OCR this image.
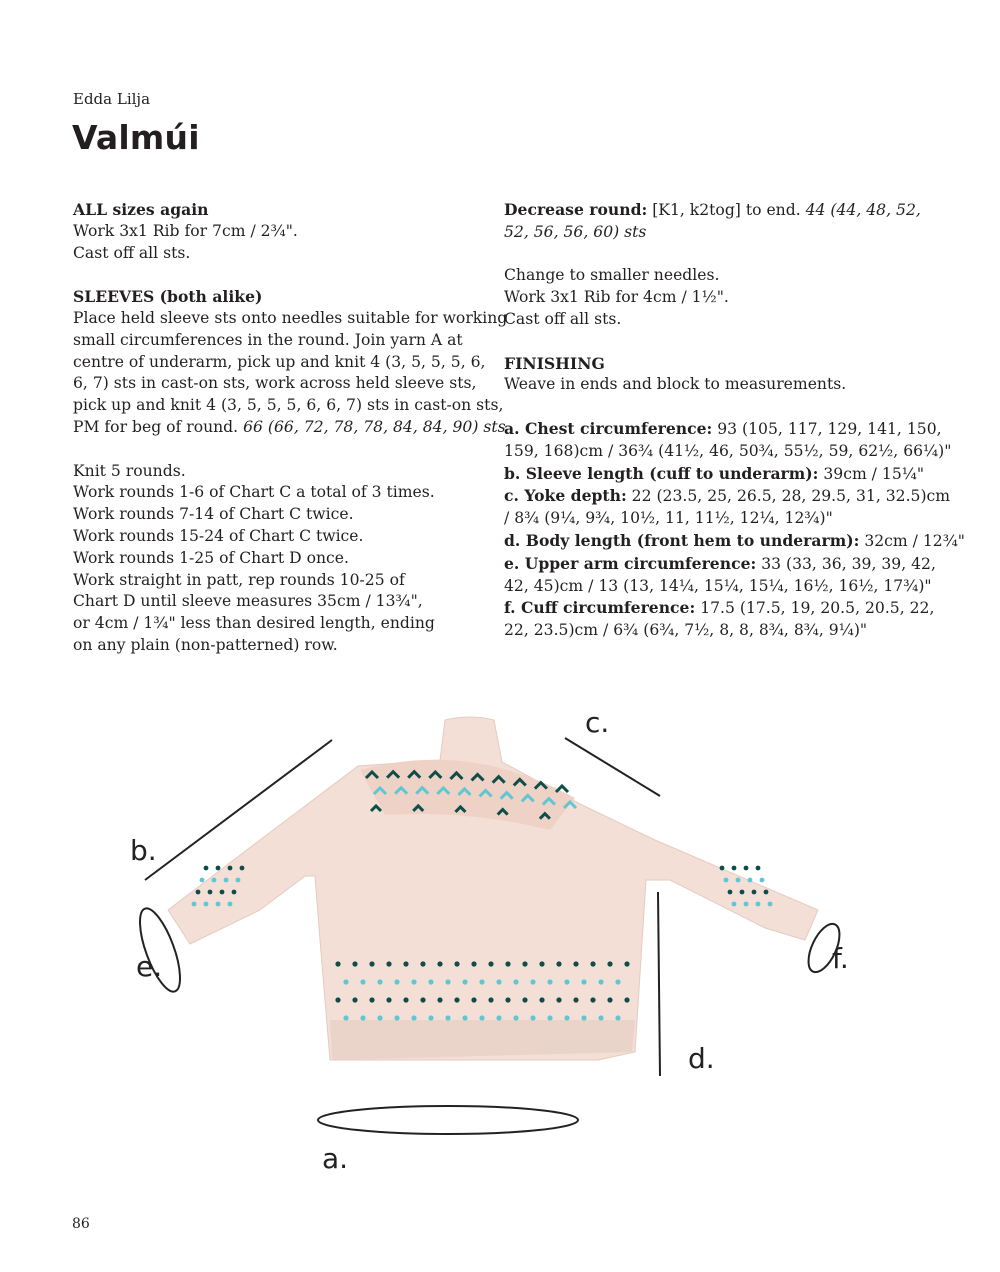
Edda Lilja
Valmúi

ALL sizes again
Work 3x1 Rib for 7cm / 2¾".
Cast off all sts.

SLEEVES (both alike)
Place held sleeve sts onto needles suitable for working
small circumferences in the round. Join yarn A at
centre of underarm, pick up and knit 4 (3, 5, 5, 5, 6,
6, 7) sts in cast-on sts, work across held sleeve sts,
pick up and knit 4 (3, 5, 5, 5, 6, 6, 7) sts in cast-on sts,
PM for beg of round. 66 (66, 72, 78, 78, 84, 84, 90) sts

Knit 5 rounds.
Work rounds 1-6 of Chart C a total of 3 times.
Work rounds 7-14 of Chart C twice.
Work rounds 15-24 of Chart C twice.
Work rounds 1-25 of Chart D once.
Work straight in patt, rep rounds 10-25 of
Chart D until sleeve measures 35cm / 13¾",
or 4cm / 1¾" less than desired length, ending
on any plain (non-patterned) row.

Decrease round: [K1, k2tog] to end. 44 (44, 48, 52,
52, 56, 56, 60) sts

Change to smaller needles.
Work 3x1 Rib for 4cm / 1½".
Cast off all sts.

FINISHING
Weave in ends and block to measurements.

a. Chest circumference: 93 (105, 117, 129, 141, 150,
159, 168)cm / 36¾ (41½, 46, 50¾, 55½, 59, 62½, 66¼)"
b. Sleeve length (cuff to underarm): 39cm / 15¼"
c. Yoke depth: 22 (23.5, 25, 26.5, 28, 29.5, 31, 32.5)cm
/ 8¾ (9¼, 9¾, 10½, 11, 11½, 12¼, 12¾)"
d. Body length (front hem to underarm): 32cm / 12¾"
e. Upper arm circumference: 33 (33, 36, 39, 39, 42,
42, 45)cm / 13 (13, 14¼, 15¼, 15¼, 16½, 16½, 17¾)"
f. Cuff circumference: 17.5 (17.5, 19, 20.5, 20.5, 22,
22, 23.5)cm / 6¾ (6¾, 7½, 8, 8, 8¾, 8¾, 9¼)"

a.
b.
c.
d.
e.	f.
86
